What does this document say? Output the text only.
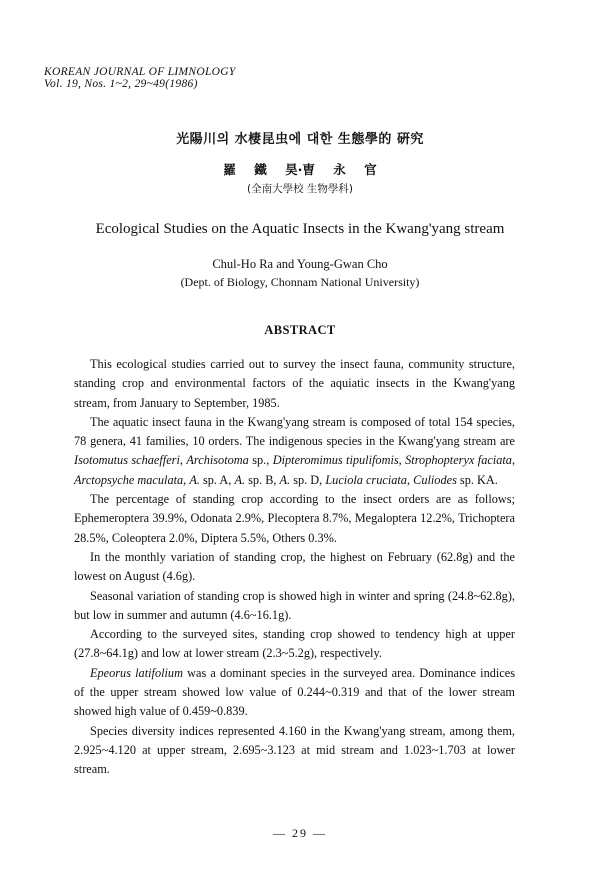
KOREAN JOURNAL OF LIMNOLOGY
Vol. 19, Nos. 1~2, 29~49(1986)
光陽川의 水棲昆虫에 대한 生態學的 硏究
羅 鐵 昊·曺 永 官
(全南大學校 生物學科)
Ecological Studies on the Aquatic Insects in the Kwang'yang stream
Chul-Ho Ra and Young-Gwan Cho
(Dept. of Biology, Chonnam National University)
ABSTRACT

This ecological studies carried out to survey the insect fauna, community structure, standing crop and environmental factors of the aquiatic insects in the Kwang'yang stream, from January to September, 1985.

The aquatic insect fauna in the Kwang'yang stream is composed of total 154 species, 78 genera, 41 families, 10 orders. The indigenous species in the Kwang'yang stream are Isotomutus schaefferi, Archisotoma sp., Dipteromimus tipulifomis, Strophopteryx faciata, Arctopsyche maculata, A. sp. A, A. sp. B, A. sp. D, Luciola cruciata, Culiodes sp. KA.

The percentage of standing crop according to the insect orders are as follows; Ephemeroptera 39.9%, Odonata 2.9%, Plecoptera 8.7%, Megaloptera 12.2%, Trichoptera 28.5%, Coleoptera 2.0%, Diptera 5.5%, Others 0.3%.

In the monthly variation of standing crop, the highest on February (62.8g) and the lowest on August (4.6g).

Seasonal variation of standing crop is showed high in winter and spring (24.8~62.8g), but low in summer and autumn (4.6~16.1g).

According to the surveyed sites, standing crop showed to tendency high at upper (27.8~64.1g) and low at lower stream (2.3~5.2g), respectively.

Epeorus latifolium was a dominant species in the surveyed area. Dominance indices of the upper stream showed low value of 0.244~0.319 and that of the lower stream showed high value of 0.459~0.839.

Species diversity indices represented 4.160 in the Kwang'yang stream, among them, 2.925~4.120 at upper stream, 2.695~3.123 at mid stream and 1.023~1.703 at lower stream.

— 29 —
